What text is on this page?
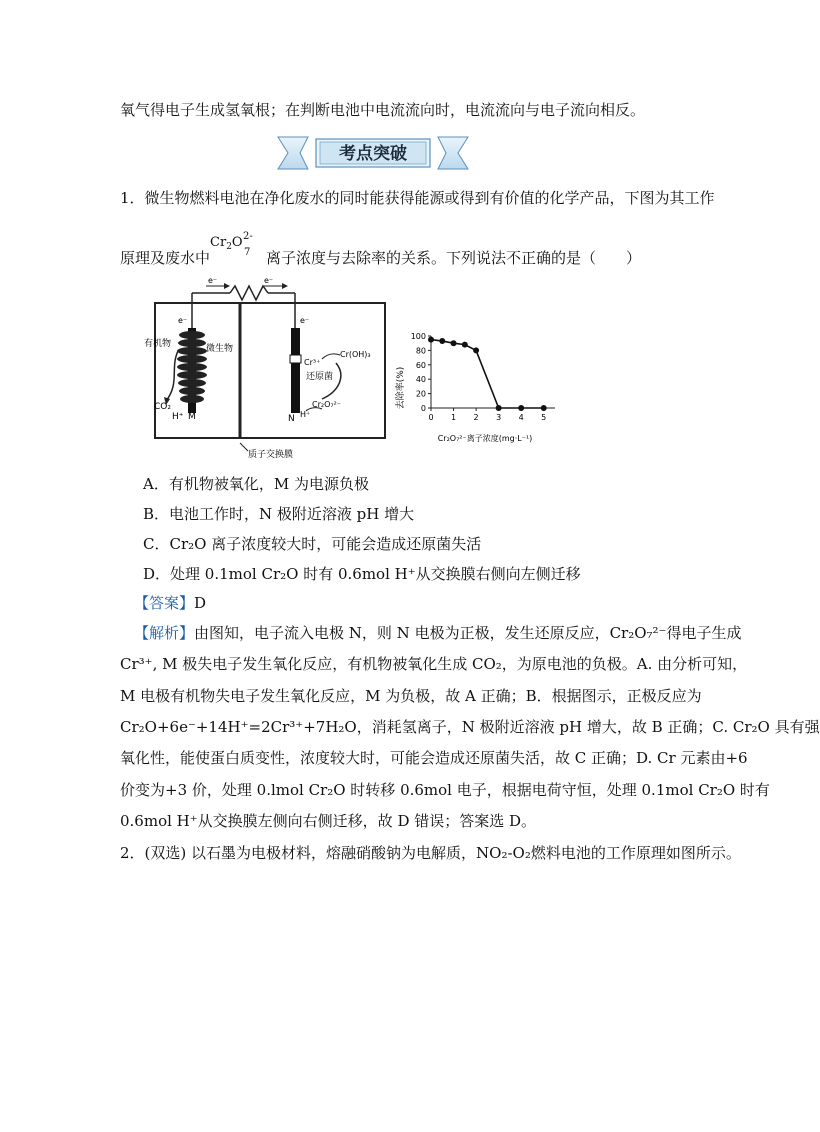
氧气得电子生成氢氧根；在判断电池中电流流向时，电流流向与电子流向相反。
考点突破
1．微生物燃料电池在净化废水的同时能获得能源或得到有价值的化学产品，下图为其工作
原理及废水中
$Cr_2O$ 2-
7 离子浓度与去除率的关系。下列说法不正确的是（　　）
e⁻	e⁻
e⁻	e⁻
有机物	微生物
CO₂
H⁺ M	N H⁺
Cr³⁺
Cr(OH)₃
还原菌
Cr₂O₇²⁻
质子交换膜
去除率(%)
Cr₂O₇²⁻离子浓度(mg·L⁻¹)
0
20
40
60
80
100
0 1 2 3 4 5
A．有机物被氧化，M 为电源负极
B．电池工作时，N 极附近溶液 pH 增大
C．Cr₂O 离子浓度较大时，可能会造成还原菌失活
D．处理 0.1mol Cr₂O 时有 0.6mol H⁺从交换膜右侧向左侧迁移
【答案】D
【解析】由图知，电子流入电极 N，则 N 电极为正极，发生还原反应，Cr₂O₇²⁻得电子生成
Cr³⁺, M 极失电子发生氧化反应，有机物被氧化生成 CO₂，为原电池的负极。A. 由分析可知，
M 电极有机物失电子发生氧化反应，M 为负极，故 A 正确；B．根据图示，正极反应为
Cr₂O+6e⁻+14H⁺=2Cr³⁺+7H₂O，消耗氢离子，N 极附近溶液 pH 增大，故 B 正确；C. Cr₂O 具有强
氧化性，能使蛋白质变性，浓度较大时，可能会造成还原菌失活，故 C 正确；D. Cr 元素由+6
价变为+3 价，处理 0.lmol Cr₂O 时转移 0.6mol 电子，根据电荷守恒，处理 0.1mol Cr₂O 时有
0.6mol H⁺从交换膜左侧向右侧迁移，故 D 错误；答案选 D。
2．(双选) 以石墨为电极材料，熔融硝酸钠为电解质，NO₂-O₂燃料电池的工作原理如图所示。
